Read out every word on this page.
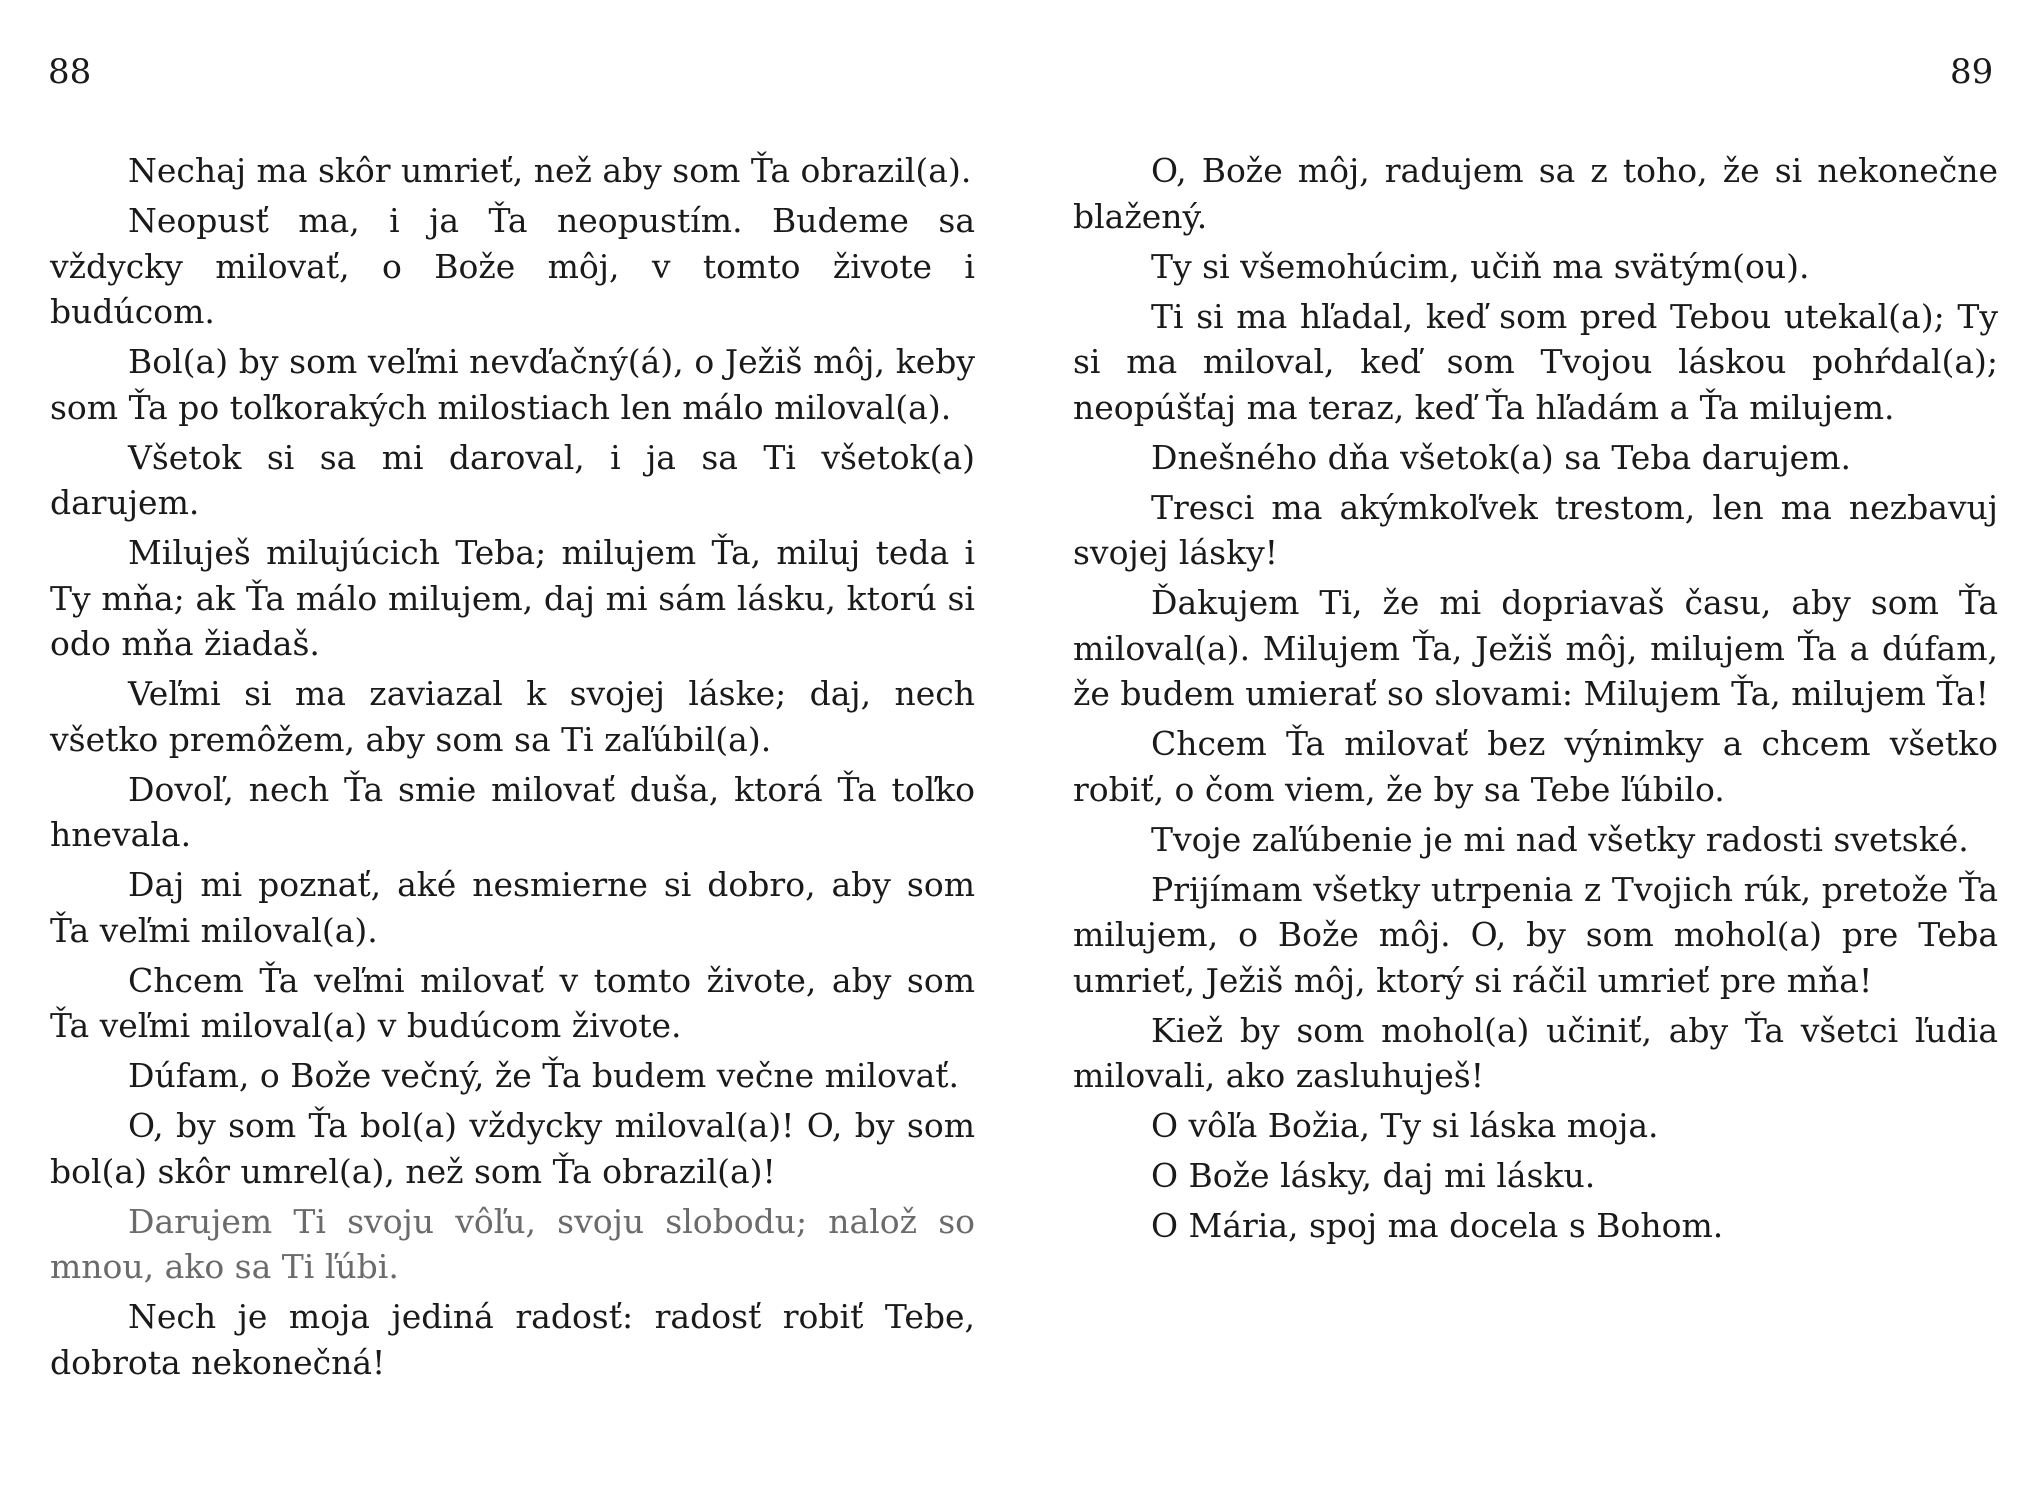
88	89

Nechaj ma skôr umrieť, než aby som Ťa obrazil(a).

Neopusť ma, i ja Ťa neopustím. Budeme sa vždycky milovať, o Bože môj, v tomto živote i budúcom.

Bol(a) by som veľmi nevďačný(á), o Ježiš môj, keby som Ťa po toľkorakých milostiach len málo miloval(a).

Všetok si sa mi daroval, i ja sa Ti všetok(a) darujem.

Miluješ milujúcich Teba; milujem Ťa, miluj teda i Ty mňa; ak Ťa málo milujem, daj mi sám lásku, ktorú si odo mňa žiadaš.

Veľmi si ma zaviazal k svojej láske; daj, nech všetko premôžem, aby som sa Ti zaľúbil(a).

Dovoľ, nech Ťa smie milovať duša, ktorá Ťa toľko hnevala.

Daj mi poznať, aké nesmierne si dobro, aby som Ťa veľmi miloval(a).

Chcem Ťa veľmi milovať v tomto živote, aby som Ťa veľmi miloval(a) v budúcom živote.

Dúfam, o Bože večný, že Ťa budem večne milovať.

O, by som Ťa bol(a) vždycky miloval(a)! O, by som bol(a) skôr umrel(a), než som Ťa obrazil(a)!

Darujem Ti svoju vôľu, svoju slobodu; nalož so mnou, ako sa Ti ľúbi.

Nech je moja jediná radosť: radosť robiť Tebe, dobrota nekonečná!

O, Bože môj, radujem sa z toho, že si nekonečne blažený.

Ty si všemohúcim, učiň ma svätým(ou).

Ti si ma hľadal, keď som pred Tebou utekal(a); Ty si ma miloval, keď som Tvojou láskou pohŕdal(a); neopúšťaj ma teraz, keď Ťa hľadám a Ťa milujem.

Dnešného dňa všetok(a) sa Teba darujem.

Tresci ma akýmkoľvek trestom, len ma nezbavuj svojej lásky!

Ďakujem Ti, že mi dopriavaš času, aby som Ťa miloval(a). Milujem Ťa, Ježiš môj, milujem Ťa a dúfam, že budem umierať so slovami: Milujem Ťa, milujem Ťa!

Chcem Ťa milovať bez výnimky a chcem všetko robiť, o čom viem, že by sa Tebe ľúbilo.

Tvoje zaľúbenie je mi nad všetky radosti svetské.

Prijímam všetky utrpenia z Tvojich rúk, pretože Ťa milujem, o Bože môj. O, by som mohol(a) pre Teba umrieť, Ježiš môj, ktorý si ráčil umrieť pre mňa!

Kiež by som mohol(a) učiniť, aby Ťa všetci ľudia milovali, ako zasluhuješ!

O vôľa Božia, Ty si láska moja.

O Bože lásky, daj mi lásku.

O Mária, spoj ma docela s Bohom.
